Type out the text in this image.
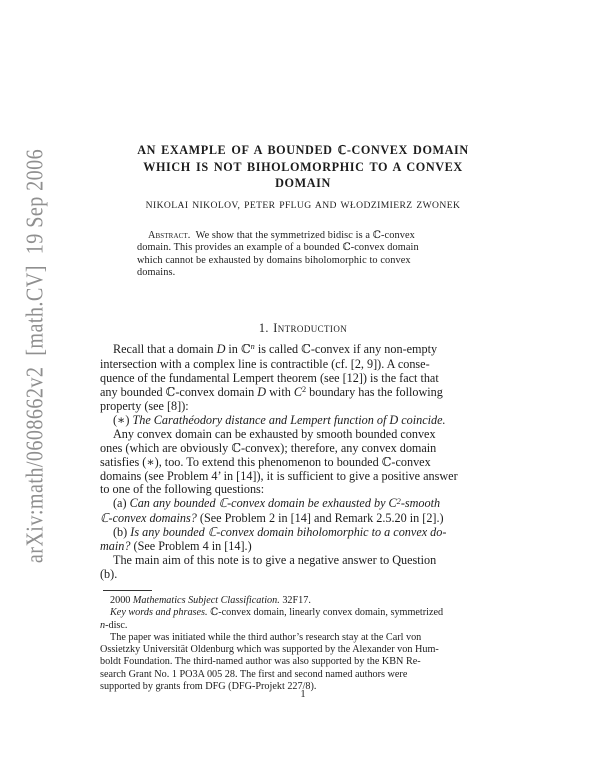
arXiv:math/0608662v2  [math.CV]  19 Sep 2006	AN EXAMPLE OF A BOUNDED ℂ-CONVEX DOMAIN
WHICH IS NOT BIHOLOMORPHIC TO A CONVEX
DOMAIN
NIKOLAI NIKOLOV, PETER PFLUG AND WŁODZIMIERZ ZWONEK
Abstract.  We show that the symmetrized bidisc is a ℂ-convex
domain. This provides an example of a bounded ℂ-convex domain
which cannot be exhausted by domains biholomorphic to convex
domains.
1. Introduction
Recall that a domain D in ℂ$^n$ is called ℂ-convex if any non-empty
intersection with a complex line is contractible (cf. [2, 9]). A conse-
quence of the fundamental Lempert theorem (see [12]) is the fact that
any bounded ℂ-convex domain D with $C^2$ boundary has the following
property (see [8]):
(∗) The Carathéodory distance and Lempert function of D coincide.
Any convex domain can be exhausted by smooth bounded convex
ones (which are obviously ℂ-convex); therefore, any convex domain
satisfies (∗), too. To extend this phenomenon to bounded ℂ-convex
domains (see Problem 4’ in [14]), it is sufficient to give a positive answer
to one of the following questions:
(a) Can any bounded ℂ-convex domain be exhausted by $C^2$-smooth
ℂ-convex domains? (See Problem 2 in [14] and Remark 2.5.20 in [2].)
(b) Is any bounded ℂ-convex domain biholomorphic to a convex do-
main? (See Problem 4 in [14].)
The main aim of this note is to give a negative answer to Question
(b).
2000 Mathematics Subject Classification. 32F17.
Key words and phrases. ℂ-convex domain, linearly convex domain, symmetrized
n-disc.
The paper was initiated while the third author’s research stay at the Carl von
Ossietzky Universität Oldenburg which was supported by the Alexander von Hum-
boldt Foundation. The third-named author was also supported by the KBN Re-
search Grant No. 1 PO3A 005 28. The first and second named authors were
supported by grants from DFG (DFG-Projekt 227/8).
1
